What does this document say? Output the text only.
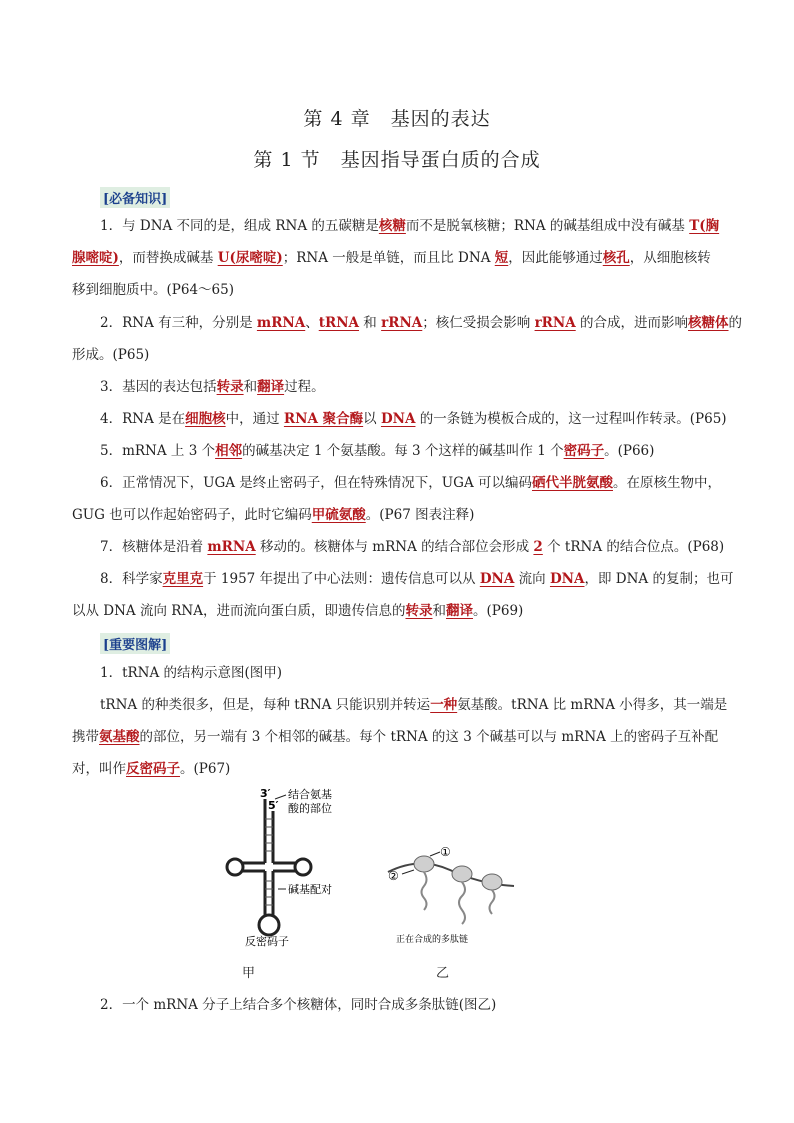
第 4 章　基因的表达
第 1 节　基因指导蛋白质的合成
[必备知识]
1．与 DNA 不同的是，组成 RNA 的五碳糖是核糖而不是脱氧核糖；RNA 的碱基组成中没有碱基 T(胸
腺嘧啶)，而替换成碱基 U(尿嘧啶)；RNA 一般是单链，而且比 DNA 短，因此能够通过核孔，从细胞核转
移到细胞质中。(P64～65)
2．RNA 有三种，分别是 mRNA、tRNA 和 rRNA；核仁受损会影响 rRNA 的合成，进而影响核糖体的
形成。(P65)
3．基因的表达包括转录和翻译过程。
4．RNA 是在细胞核中，通过 RNA 聚合酶以 DNA 的一条链为模板合成的，这一过程叫作转录。(P65)
5．mRNA 上 3 个相邻的碱基决定 1 个氨基酸。每 3 个这样的碱基叫作 1 个密码子。(P66)
6．正常情况下，UGA 是终止密码子，但在特殊情况下，UGA 可以编码硒代半胱氨酸。在原核生物中，
GUG 也可以作起始密码子，此时它编码甲硫氨酸。(P67 图表注释)
7．核糖体是沿着 mRNA 移动的。核糖体与 mRNA 的结合部位会形成 2 个 tRNA 的结合位点。(P68)
8．科学家克里克于 1957 年提出了中心法则：遗传信息可以从 DNA 流向 DNA，即 DNA 的复制；也可
以从 DNA 流向 RNA，进而流向蛋白质，即遗传信息的转录和翻译。(P69)
[重要图解]
1．tRNA 的结构示意图(图甲)
tRNA 的种类很多，但是，每种 tRNA 只能识别并转运一种氨基酸。tRNA 比 mRNA 小得多，其一端是
携带氨基酸的部位，另一端有 3 个相邻的碱基。每个 tRNA 的这 3 个碱基可以与 mRNA 上的密码子互补配
对，叫作反密码子。(P67)
3′
5′
结合氨基
酸的部位
碱基配对
反密码子
甲
①
②
正在合成的多肽链
乙
2．一个 mRNA 分子上结合多个核糖体，同时合成多条肽链(图乙)
